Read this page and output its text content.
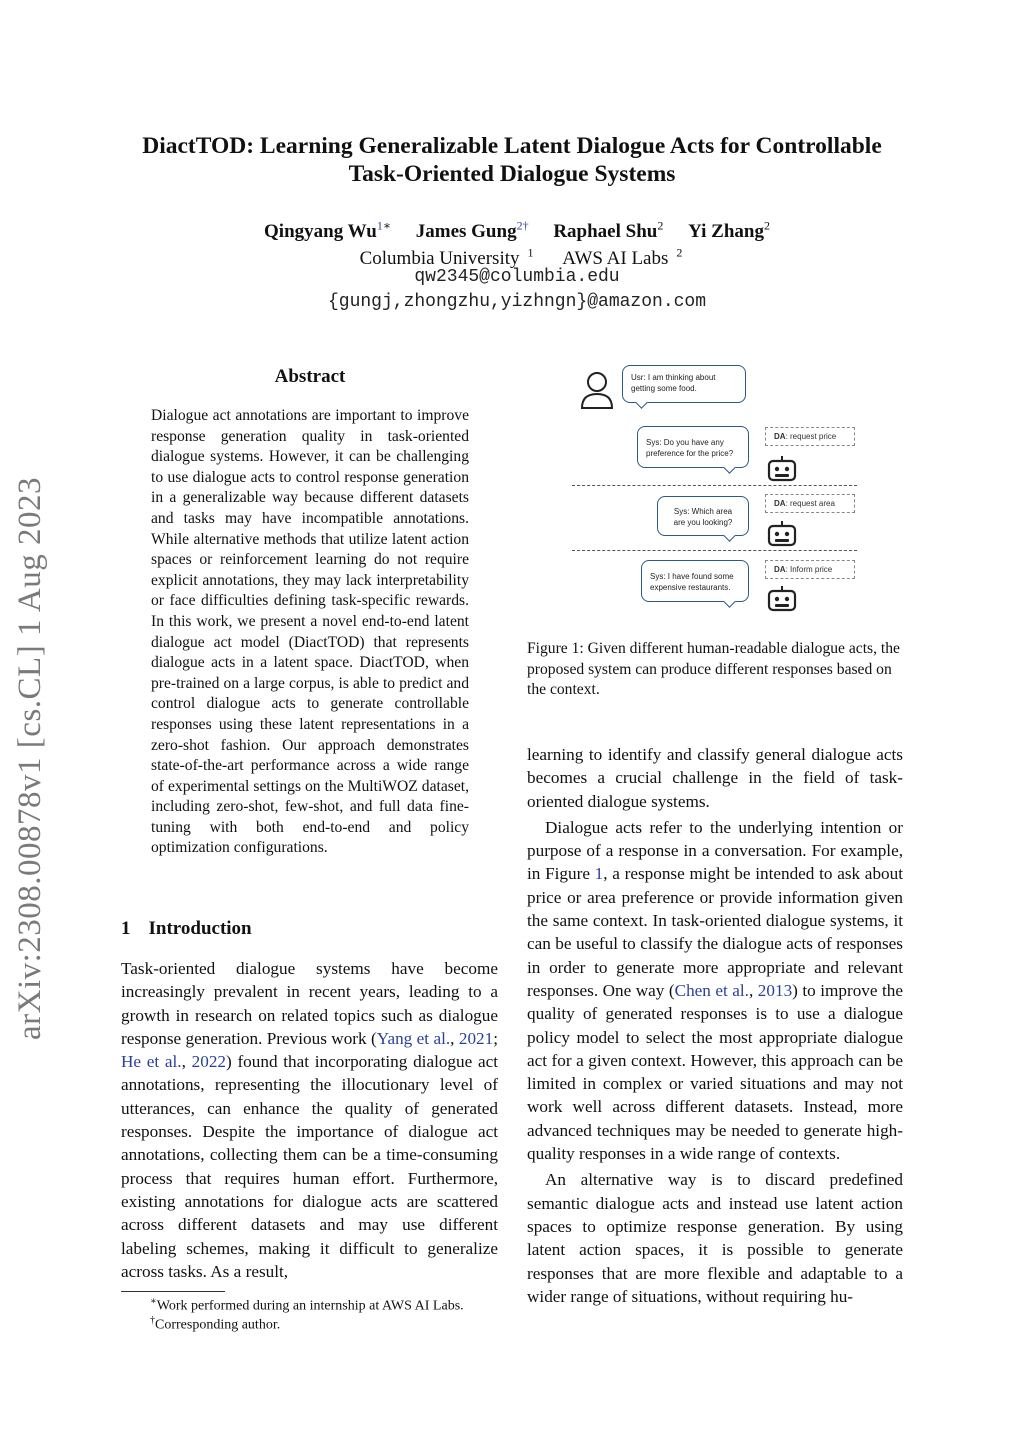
arXiv:2308.00878v1 [cs.CL] 1 Aug 2023
DiactTOD: Learning Generalizable Latent Dialogue Acts for Controllable
Task-Oriented Dialogue Systems
Qingyang $Wu^{1∗}$ James Gung$^{2\dagger}$ Raphael Shu$^2$ Yi Zhang$^2$
Columbia University $^1$ AWS AI Labs $^2$
qw2345@columbia.edu
{gungj,zhongzhu,yizhngn}@amazon.com
Abstract
Dialogue act annotations are important to improve response generation quality in task-oriented dialogue systems. However, it can be challenging to use dialogue acts to control response generation in a generalizable way because different datasets and tasks may have incompatible annotations. While alternative methods that utilize latent action spaces or reinforcement learning do not require explicit annotations, they may lack interpretability or face difficulties defining task-specific rewards. In this work, we present a novel end-to-end latent dialogue act model (DiactTOD) that represents dialogue acts in a latent space. DiactTOD, when pre-trained on a large corpus, is able to predict and control dialogue acts to generate controllable responses using these latent representations in a zero-shot fashion. Our approach demonstrates state-of-the-art performance across a wide range of experimental settings on the MultiWOZ dataset, including zero-shot, few-shot, and full data fine-tuning with both end-to-end and policy optimization configurations.
1 Introduction

Task-oriented dialogue systems have become increasingly prevalent in recent years, leading to a growth in research on related topics such as dialogue response generation. Previous work (Yang et al., 2021; He et al., 2022) found that incorporating dialogue act annotations, representing the illocutionary level of utterances, can enhance the quality of generated responses. Despite the importance of dialogue act annotations, collecting them can be a time-consuming process that requires human effort. Furthermore, existing annotations for dialogue acts are scattered across different datasets and may use different labeling schemes, making it difficult to generalize across tasks. As a result,

∗Work performed during an internship at AWS AI Labs.
†Corresponding author.
Usr: I am thinking about
getting some food.
Sys: Do you have any
preference for the price?
DA: request price
Sys: Which area
are you looking?
DA: request area
Sys: I have found some
expensive restaurants.
DA: Inform price
Figure 1: Given different human-readable dialogue acts, the proposed system can produce different responses based on the context.

learning to identify and classify general dialogue acts becomes a crucial challenge in the field of task-oriented dialogue systems.

Dialogue acts refer to the underlying intention or purpose of a response in a conversation. For example, in Figure 1, a response might be intended to ask about price or area preference or provide information given the same context. In task-oriented dialogue systems, it can be useful to classify the dialogue acts of responses in order to generate more appropriate and relevant responses. One way (Chen et al., 2013) to improve the quality of generated responses is to use a dialogue policy model to select the most appropriate dialogue act for a given context. However, this approach can be limited in complex or varied situations and may not work well across different datasets. Instead, more advanced techniques may be needed to generate high-quality responses in a wide range of contexts.

An alternative way is to discard predefined semantic dialogue acts and instead use latent action spaces to optimize response generation. By using latent action spaces, it is possible to generate responses that are more flexible and adaptable to a wider range of situations, without requiring hu-
